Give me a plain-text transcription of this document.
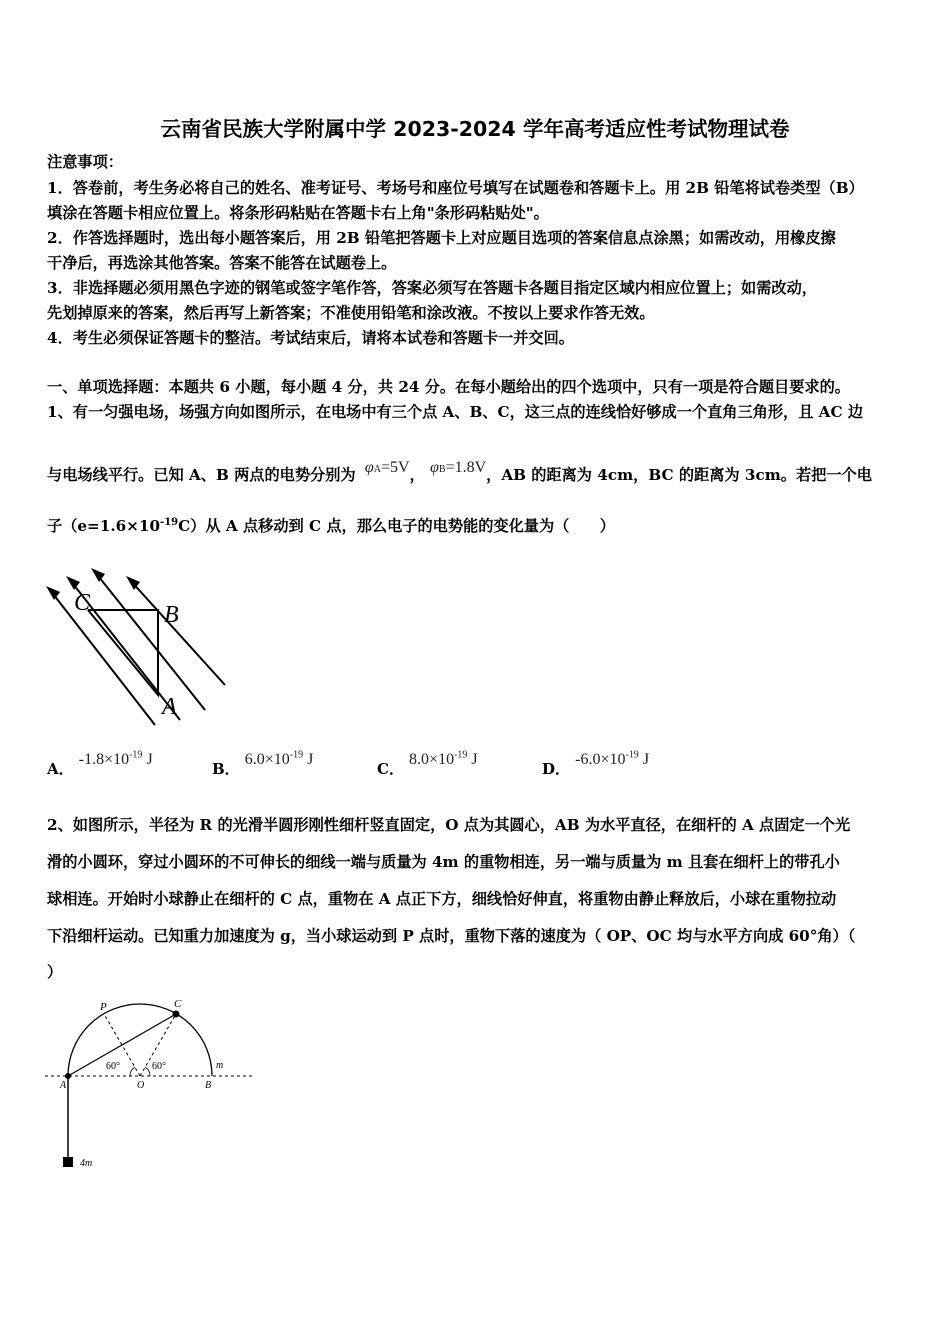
云南省民族大学附属中学 2023-2024 学年高考适应性考试物理试卷
注意事项：
1．答卷前，考生务必将自己的姓名、准考证号、考场号和座位号填写在试题卷和答题卡上。用 2B 铅笔将试卷类型（B）
填涂在答题卡相应位置上。将条形码粘贴在答题卡右上角"条形码粘贴处"。
2．作答选择题时，选出每小题答案后，用 2B 铅笔把答题卡上对应题目选项的答案信息点涂黑；如需改动，用橡皮擦
干净后，再选涂其他答案。答案不能答在试题卷上。
3．非选择题必须用黑色字迹的钢笔或签字笔作答，答案必须写在答题卡各题目指定区域内相应位置上；如需改动，
先划掉原来的答案，然后再写上新答案；不准使用铅笔和涂改液。不按以上要求作答无效。
4．考生必须保证答题卡的整洁。考试结束后，请将本试卷和答题卡一并交回。
一、单项选择题：本题共 6 小题，每小题 4 分，共 24 分。在每小题给出的四个选项中，只有一项是符合题目要求的。
1、有一匀强电场，场强方向如图所示，在电场中有三个点 A、B、C，这三点的连线恰好够成一个直角三角形，且 AC 边
与电场线平行。已知 A、B 两点的电势分别为 φA=5V， φB=1.8V，AB 的距离为 4cm，BC 的距离为 3cm。若把一个电
子$(e=1.6\times 10^{-19}C)$从 A 点移动到 C 点，那么电子的电势能的变化量为（　　）
C	B
A
A． $-1.8\times 10^{-19}$ J
B． $6.0\times 10^{-19}$ J
C． $8.0\times 10^{-19}$ J
D． $-6.0\times 10^{-19}$ J
2、如图所示，半径为 R 的光滑半圆形刚性细杆竖直固定，O 点为其圆心，AB 为水平直径，在细杆的 A 点固定一个光
滑的小圆环，穿过小圆环的不可伸长的细线一端与质量为 4m 的重物相连，另一端与质量为 m 且套在细杆上的带孔小
球相连。开始时小球静止在细杆的 C 点，重物在 A 点正下方，细线恰好伸直，将重物由静止释放后，小球在重物拉动
下沿细杆运动。已知重力加速度为 g，当小球运动到 P 点时，重物下落的速度为（ OP、OC 均与水平方向成 60°角）（
）
P	C
A	O	B
m
60°	60°
4m
